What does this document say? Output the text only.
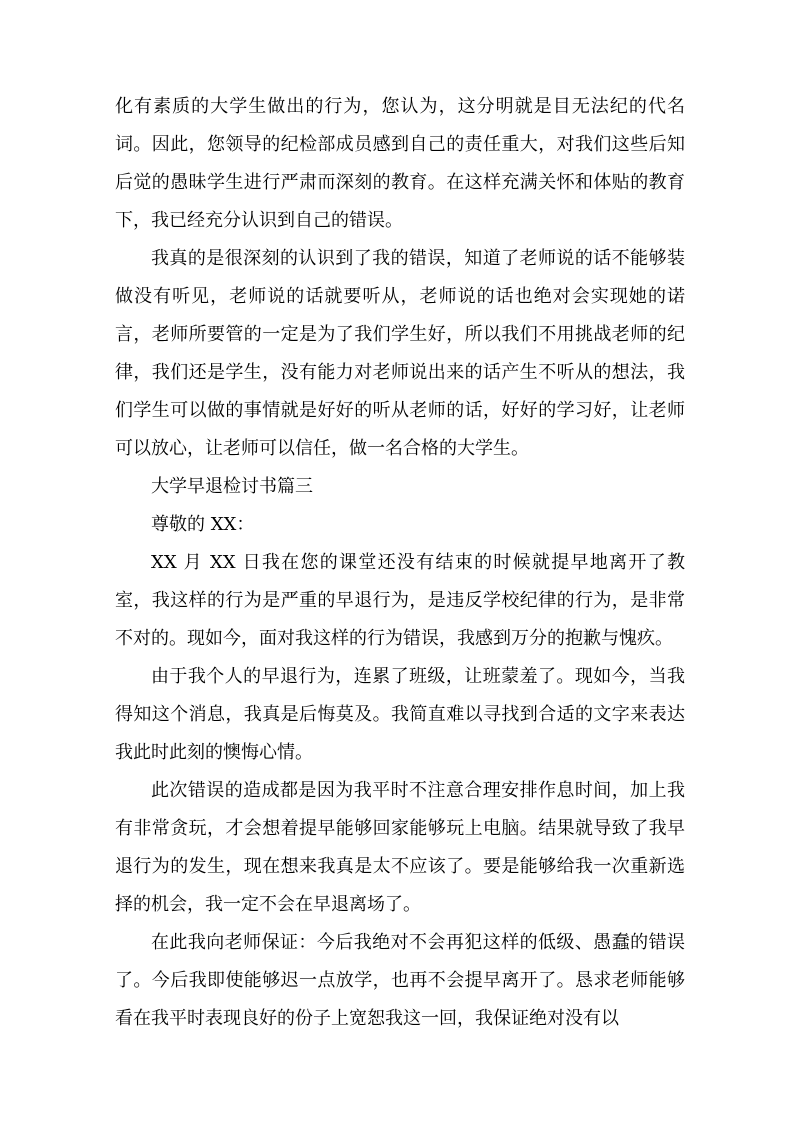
化有素质的大学生做出的行为，您认为，这分明就是目无法纪的代名词。因此，您领导的纪检部成员感到自己的责任重大，对我们这些后知后觉的愚昧学生进行严肃而深刻的教育。在这样充满关怀和体贴的教育下，我已经充分认识到自己的错误。

我真的是很深刻的认识到了我的错误，知道了老师说的话不能够装做没有听见，老师说的话就要听从，老师说的话也绝对会实现她的诺言，老师所要管的一定是为了我们学生好，所以我们不用挑战老师的纪律，我们还是学生，没有能力对老师说出来的话产生不听从的想法，我们学生可以做的事情就是好好的听从老师的话，好好的学习好，让老师可以放心，让老师可以信任，做一名合格的大学生。

大学早退检讨书篇三

尊敬的 XX：

XX 月 XX 日我在您的课堂还没有结束的时候就提早地离开了教室，我这样的行为是严重的早退行为，是违反学校纪律的行为，是非常不对的。现如今，面对我这样的行为错误，我感到万分的抱歉与愧疚。

由于我个人的早退行为，连累了班级，让班蒙羞了。现如今，当我得知这个消息，我真是后悔莫及。我简直难以寻找到合适的文字来表达我此时此刻的懊悔心情。

此次错误的造成都是因为我平时不注意合理安排作息时间，加上我有非常贪玩，才会想着提早能够回家能够玩上电脑。结果就导致了我早退行为的发生，现在想来我真是太不应该了。要是能够给我一次重新选择的机会，我一定不会在早退离场了。

在此我向老师保证：今后我绝对不会再犯这样的低级、愚蠢的错误了。今后我即使能够迟一点放学，也再不会提早离开了。恳求老师能够看在我平时表现良好的份子上宽恕我这一回，我保证绝对没有以
